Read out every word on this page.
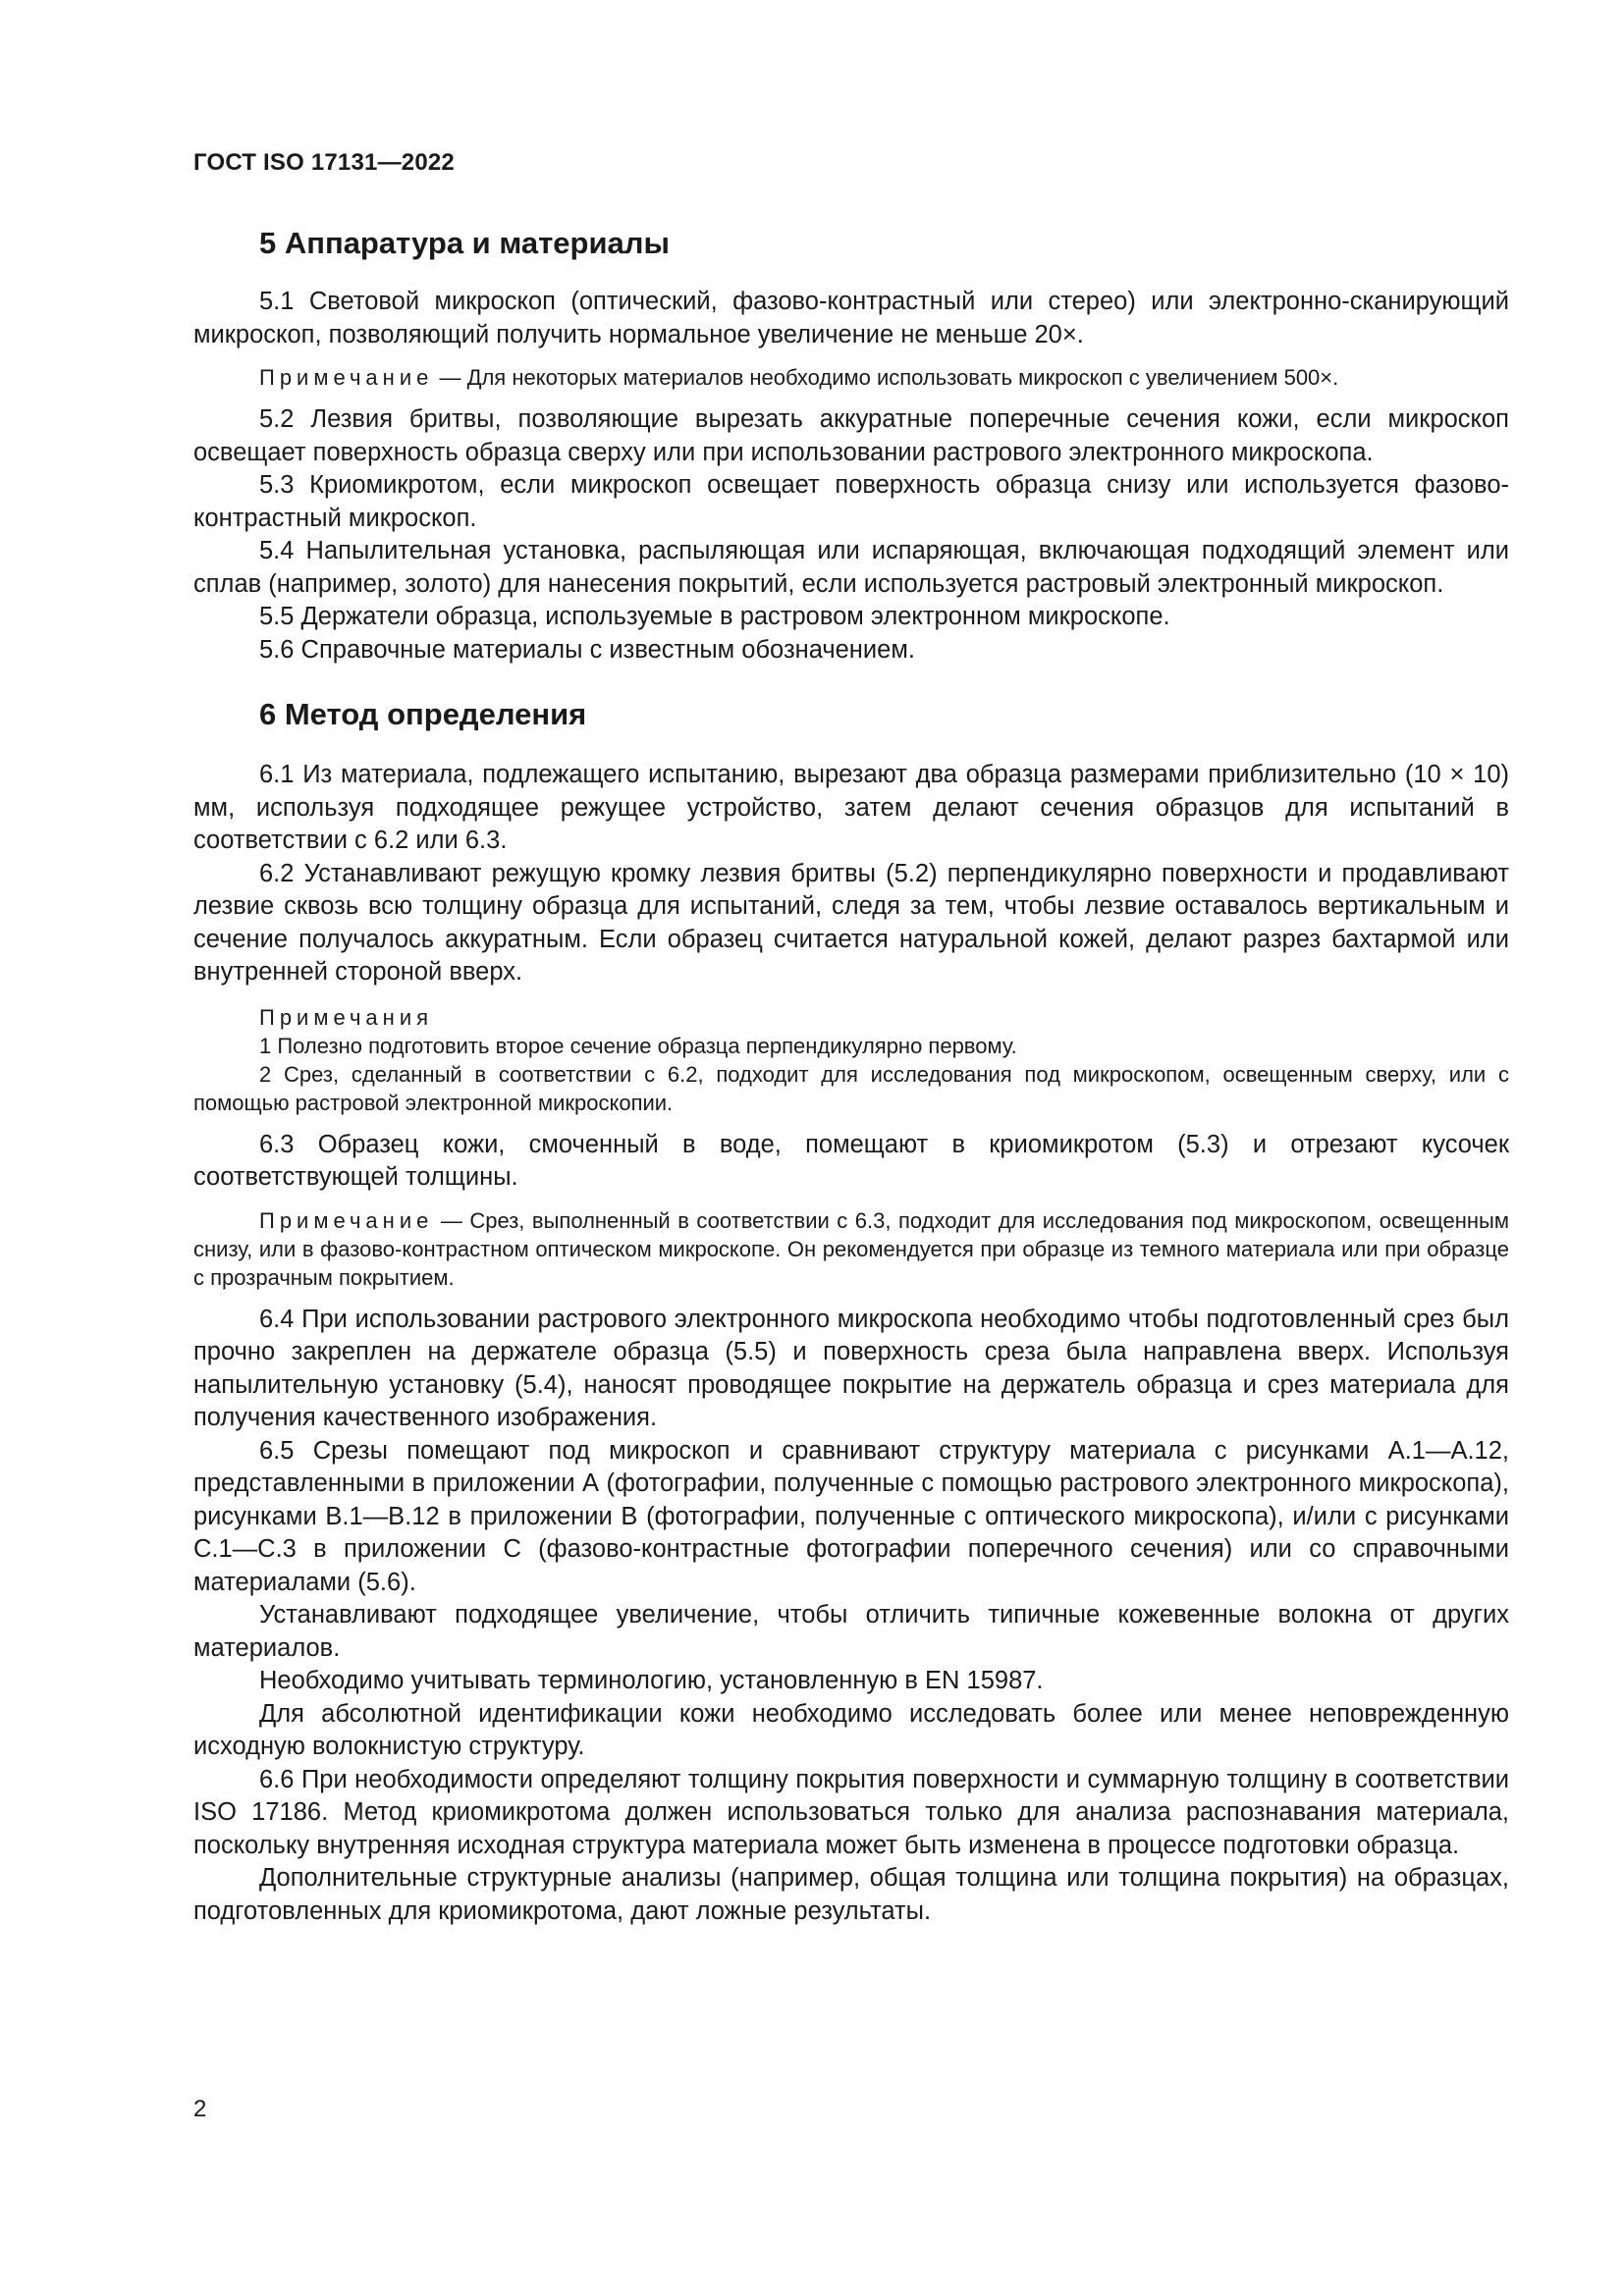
ГОСТ ISO 17131—2022
5 Аппаратура и материалы

5.1 Световой микроскоп (оптический, фазово-контрастный или стерео) или электронно-сканирующий микроскоп, позволяющий получить нормальное увеличение не меньше 20×.

Примечание — Для некоторых материалов необходимо использовать микроскоп с увеличением 500×.

5.2 Лезвия бритвы, позволяющие вырезать аккуратные поперечные сечения кожи, если микроскоп освещает поверхность образца сверху или при использовании растрового электронного микроскопа.

5.3 Криомикротом, если микроскоп освещает поверхность образца снизу или используется фазово-контрастный микроскоп.

5.4 Напылительная установка, распыляющая или испаряющая, включающая подходящий элемент или сплав (например, золото) для нанесения покрытий, если используется растровый электронный микроскоп.

5.5 Держатели образца, используемые в растровом электронном микроскопе.

5.6 Справочные материалы с известным обозначением.

6 Метод определения

6.1 Из материала, подлежащего испытанию, вырезают два образца размерами приблизительно (10 × 10) мм, используя подходящее режущее устройство, затем делают сечения образцов для испытаний в соответствии с 6.2 или 6.3.

6.2 Устанавливают режущую кромку лезвия бритвы (5.2) перпендикулярно поверхности и продавливают лезвие сквозь всю толщину образца для испытаний, следя за тем, чтобы лезвие оставалось вертикальным и сечение получалось аккуратным. Если образец считается натуральной кожей, делают разрез бахтармой или внутренней стороной вверх.

Примечания
1 Полезно подготовить второе сечение образца перпендикулярно первому.
2 Срез, сделанный в соответствии с 6.2, подходит для исследования под микроскопом, освещенным сверху, или с помощью растровой электронной микроскопии.

6.3 Образец кожи, смоченный в воде, помещают в криомикротом (5.3) и отрезают кусочек соответствующей толщины.

Примечание — Срез, выполненный в соответствии с 6.3, подходит для исследования под микроскопом, освещенным снизу, или в фазово-контрастном оптическом микроскопе. Он рекомендуется при образце из темного материала или при образце с прозрачным покрытием.

6.4 При использовании растрового электронного микроскопа необходимо чтобы подготовленный срез был прочно закреплен на держателе образца (5.5) и поверхность среза была направлена вверх. Используя напылительную установку (5.4), наносят проводящее покрытие на держатель образца и срез материала для получения качественного изображения.

6.5 Срезы помещают под микроскоп и сравнивают структуру материала с рисунками А.1—А.12, представленными в приложении А (фотографии, полученные с помощью растрового электронного микроскопа), рисунками В.1—В.12 в приложении В (фотографии, полученные с оптического микроскопа), и/или с рисунками С.1—С.3 в приложении С (фазово-контрастные фотографии поперечного сечения) или со справочными материалами (5.6).

Устанавливают подходящее увеличение, чтобы отличить типичные кожевенные волокна от других материалов.

Необходимо учитывать терминологию, установленную в EN 15987.

Для абсолютной идентификации кожи необходимо исследовать более или менее неповрежденную исходную волокнистую структуру.

6.6 При необходимости определяют толщину покрытия поверхности и суммарную толщину в соответствии ISO 17186. Метод криомикротома должен использоваться только для анализа распознавания материала, поскольку внутренняя исходная структура материала может быть изменена в процессе подготовки образца.

Дополнительные структурные анализы (например, общая толщина или толщина покрытия) на образцах, подготовленных для криомикротома, дают ложные результаты.

2
